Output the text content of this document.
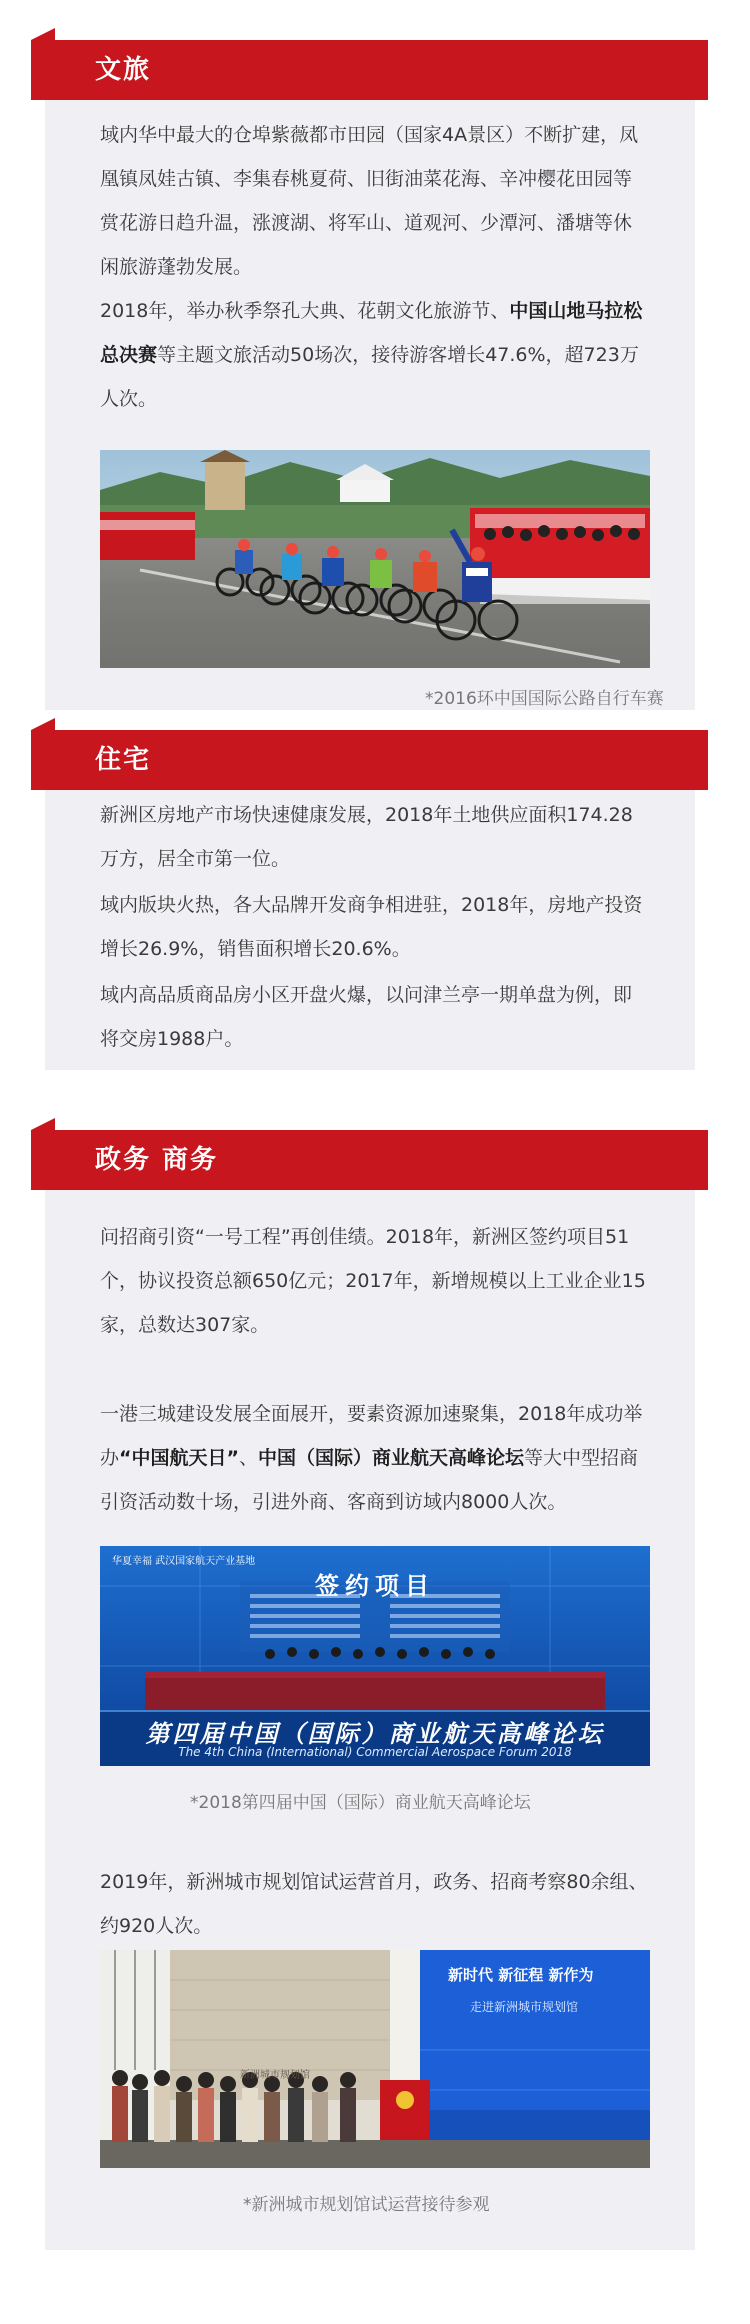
文旅
域内华中最大的仓埠紫薇都市田园（国家4A景区）不断扩建，凤凰镇凤娃古镇、李集春桃夏荷、旧街油菜花海、辛冲樱花田园等赏花游日趋升温，涨渡湖、将军山、道观河、少潭河、潘塘等休闲旅游蓬勃发展。
2018年，举办秋季祭孔大典、花朝文化旅游节、中国山地马拉松总决赛等主题文旅活动50场次，接待游客增长47.6%，超723万人次。
*2016环中国国际公路自行车赛
住宅
新洲区房地产市场快速健康发展，2018年土地供应面积174.28万方，居全市第一位。
域内版块火热，各大品牌开发商争相进驻，2018年，房地产投资增长26.9%，销售面积增长20.6%。
域内高品质商品房小区开盘火爆，以问津兰亭一期单盘为例，即将交房1988户。
政务 商务
问招商引资“一号工程”再创佳绩。2018年，新洲区签约项目51个，协议投资总额650亿元；2017年，新增规模以上工业企业15家，总数达307家。
一港三城建设发展全面展开，要素资源加速聚集，2018年成功举办“中国航天日”、中国（国际）商业航天高峰论坛等大中型招商引资活动数十场，引进外商、客商到访域内8000人次。
华夏幸福 武汉国家航天产业基地
签约项目
第四届中国（国际）商业航天高峰论坛
The 4th China (International) Commercial Aerospace Forum 2018
*2018第四届中国（国际）商业航天高峰论坛
2019年，新洲城市规划馆试运营首月，政务、招商考察80余组、约920人次。
新洲城市规划馆
新时代 新征程 新作为
走进新洲城市规划馆
*新洲城市规划馆试运营接待参观
